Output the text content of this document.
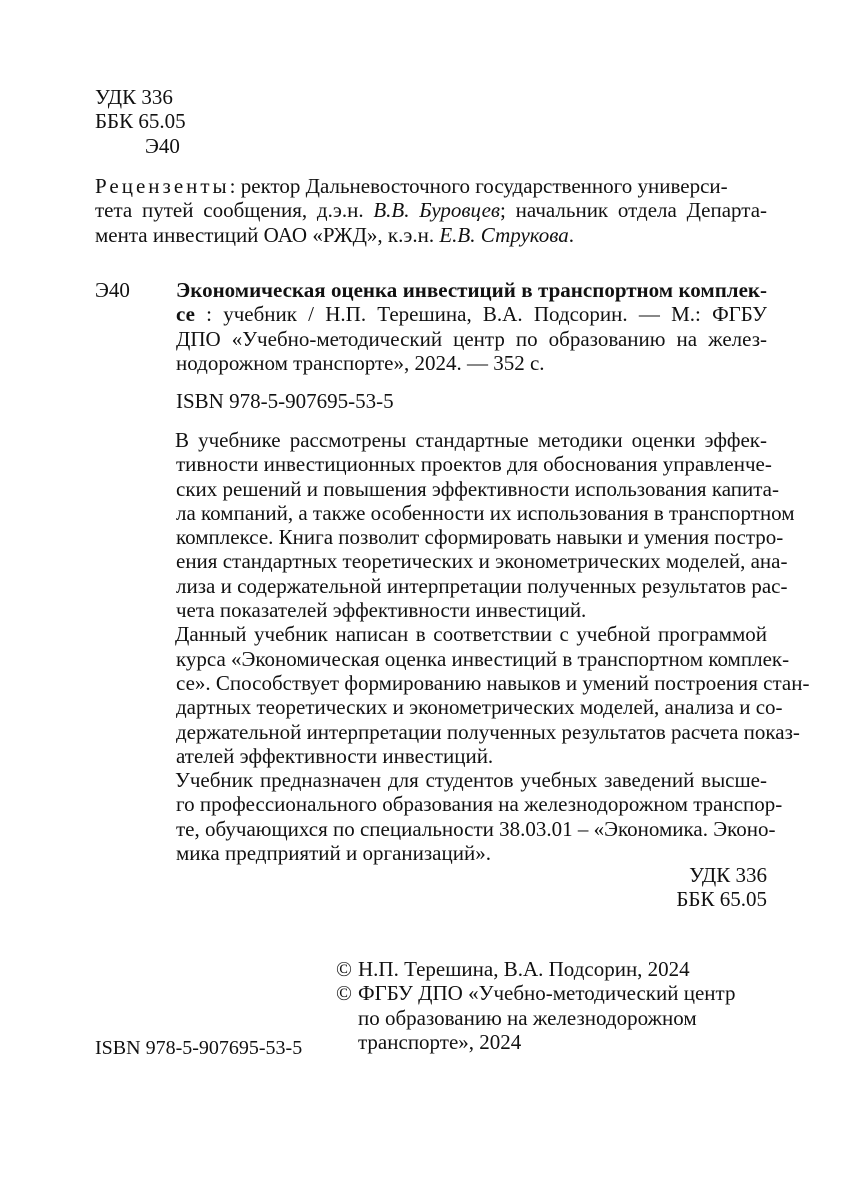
УДК 336
ББК 65.05
Э40
Рецензенты: ректор Дальневосточного государственного универси-
тета путей сообщения, д.э.н. В.В. Буровцев; начальник отдела Департа-
мента инвестиций ОАО «РЖД», к.э.н. Е.В. Струкова.
Э40	Экономическая оценка инвестиций в транспортном комплек-
се : учебник / Н.П. Терешина, В.А. Подсорин. — М.: ФГБУ
ДПО «Учебно-методический центр по образованию на желез-
нодорожном транспорте», 2024. — 352 с.
ISBN 978-5-907695-53-5
В учебнике рассмотрены стандартные методики оценки эффек-
тивности инвестиционных проектов для обоснования управленче-
ских решений и повышения эффективности использования капита-
ла компаний, а также особенности их использования в транспортном
комплексе. Книга позволит сформировать навыки и умения постро-
ения стандартных теоретических и эконометрических моделей, ана-
лиза и содержательной интерпретации полученных результатов рас-
чета показателей эффективности инвестиций.
Данный учебник написан в соответствии с учебной программой
курса «Экономическая оценка инвестиций в транспортном комплек-
се». Способствует формированию навыков и умений построения стан-
дартных теоретических и эконометрических моделей, анализа и со-
держательной интерпретации полученных результатов расчета показ-
ателей эффективности инвестиций.
Учебник предназначен для студентов учебных заведений высше-
го профессионального образования на железнодорожном транспор-
те, обучающихся по специальности 38.03.01 – «Экономика. Эконо-
мика предприятий и организаций».
УДК 336
ББК 65.05
© Н.П. Терешина, В.А. Подсорин, 2024
© ФГБУ ДПО «Учебно-методический центр
по образованию на железнодорожном
транспорте», 2024
ISBN 978-5-907695-53-5
